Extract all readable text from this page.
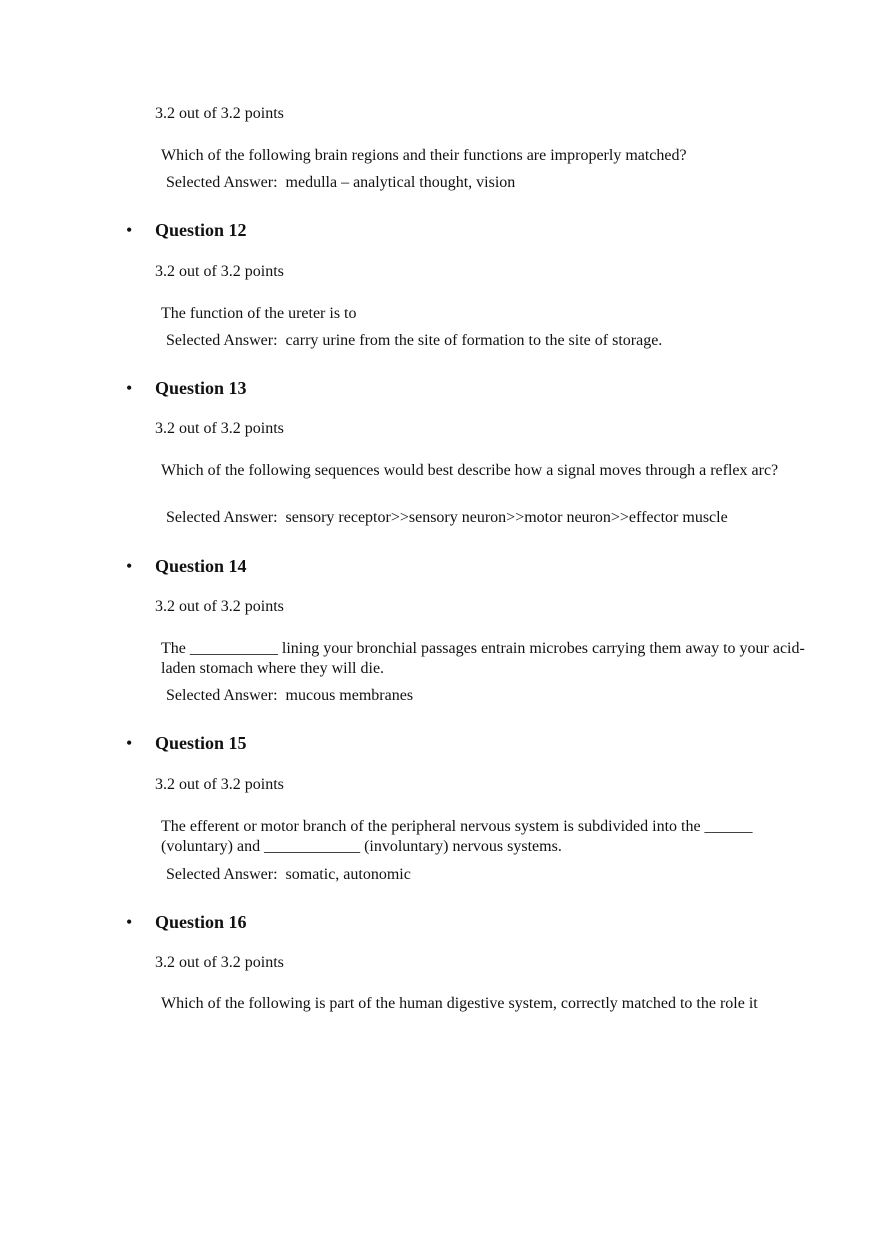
3.2 out of 3.2 points
Which of the following brain regions and their functions are improperly matched?
Selected Answer: medulla – analytical thought, vision
• Question 12
3.2 out of 3.2 points
The function of the ureter is to
Selected Answer: carry urine from the site of formation to the site of storage.
• Question 13
3.2 out of 3.2 points
Which of the following sequences would best describe how a signal moves through a reflex arc?
Selected Answer: sensory receptor>>sensory neuron>>motor neuron>>effector muscle
• Question 14
3.2 out of 3.2 points
The ___________ lining your bronchial passages entrain microbes carrying them away to your acid-laden stomach where they will die.
Selected Answer: mucous membranes
• Question 15
3.2 out of 3.2 points
The efferent or motor branch of the peripheral nervous system is subdivided into the ______ (voluntary) and ____________ (involuntary) nervous systems.
Selected Answer: somatic, autonomic
• Question 16
3.2 out of 3.2 points
Which of the following is part of the human digestive system, correctly matched to the role it
